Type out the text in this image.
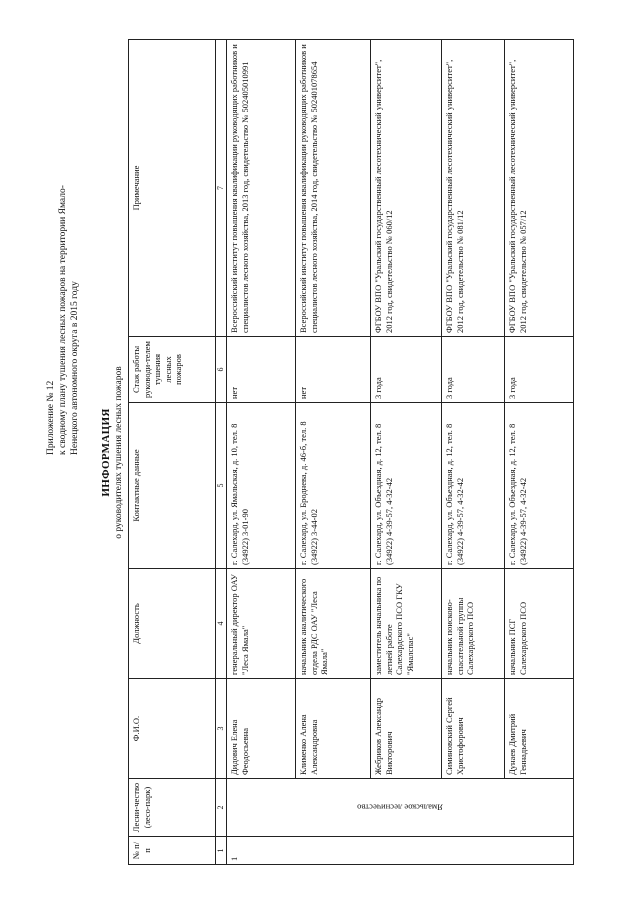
Приложение № 12 к сводному плану тушения лесных пожаров на территории Ямало- Ненецкого автономного округа в 2015 году ИНФОРМАЦИЯ о руководителях тушения лесных пожаров
№ п/п	Лесни-чество (лесо-парк)	Ф.И.О.	Должность	Контактные данные	Стаж работы руководи-телем тушения лесных пожаров	Примечание
1	2	3	4	5	6	7
1	Ямальское лесничество	Дидович Елена Феодосьевна	генеральный директор ОАУ "Леса Ямала"	г. Салехард, ул. Ямальская, д. 10, тел. 8 (34922) 3-01-90	нет	Всероссийский институт повышения квалификации руководящих работников и специалистов лесного хозяйства, 2013 год, свидетельство № 502405010991
		Клименко Алена Александровна	начальник аналитического отдела РДС ОАУ "Леса Ямала"	г. Салехард, ул. Броднева, д. 46-б, тел. 8 (34922) 3-44-02	нет	Всероссийский институт повышения квалификации руководящих работников и специалистов лесного хозяйства, 2014 год, свидетельство № 502401078654
		Жебриков Александр Викторович	заместитель начальника по летней работе Салехардского ПСО ГКУ "Ямалспас"	г. Салехард, ул. Объездная, д. 12, тел. 8 (34922) 4-39-57, 4-32-42	3 года	ФГБОУ ВПО "Уральский государственный лесотехнический университет", 2012 год, свидетельство № 060/12
		Симиновский Сергей Христофорович	начальник поисково-спасательной группы Салехардского ПСО	г. Салехард, ул. Объездная, д. 12, тел. 8 (34922) 4-39-57, 4-32-42	3 года	ФГБОУ ВПО "Уральский государственный лесотехнический университет", 2012 год, свидетельство № 081/12
		Дунаев Дмитрий Геннадьевич	начальник ПСГ Салехардского ПСО	г. Салехард, ул. Объездная, д. 12, тел. 8 (34922) 4-39-57, 4-32-42	3 года	ФГБОУ ВПО "Уральский государственный лесотехнический университет", 2012 год, свидетельство № 057/12
